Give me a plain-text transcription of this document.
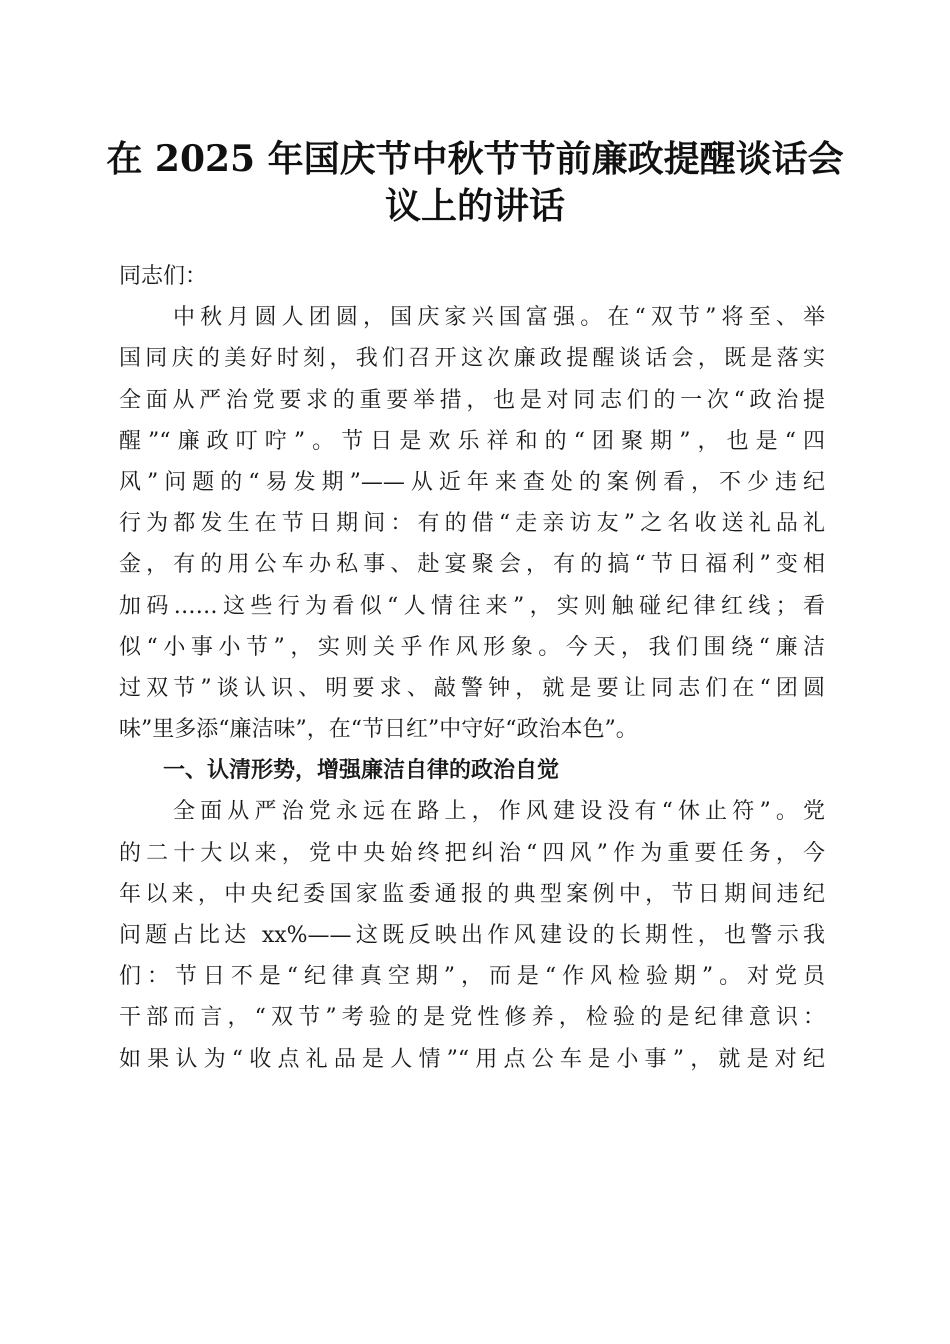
在 2025 年国庆节中秋节节前廉政提醒谈话会
议上的讲话
同志们：
中秋月圆人团圆，国庆家兴国富强。在“双节”将至、举
国同庆的美好时刻，我们召开这次廉政提醒谈话会，既是落实
全面从严治党要求的重要举措，也是对同志们的一次“政治提
醒”“廉政叮咛”。节日是欢乐祥和的“团聚期”，也是“四
风”问题的“易发期”——从近年来查处的案例看，不少违纪
行为都发生在节日期间：有的借“走亲访友”之名收送礼品礼
金，有的用公车办私事、赴宴聚会，有的搞“节日福利”变相
加码……这些行为看似“人情往来”，实则触碰纪律红线；看
似“小事小节”，实则关乎作风形象。今天，我们围绕“廉洁
过双节”谈认识、明要求、敲警钟，就是要让同志们在“团圆
味”里多添“廉洁味”，在“节日红”中守好“政治本色”。
一、认清形势，增强廉洁自律的政治自觉
全面从严治党永远在路上，作风建设没有“休止符”。党
的二十大以来，党中央始终把纠治“四风”作为重要任务，今
年以来，中央纪委国家监委通报的典型案例中，节日期间违纪
问题占比达 xx%——这既反映出作风建设的长期性，也警示我
们：节日不是“纪律真空期”，而是“作风检验期”。对党员
干部而言，“双节”考验的是党性修养，检验的是纪律意识：
如果认为“收点礼品是人情”“用点公车是小事”，就是对纪
